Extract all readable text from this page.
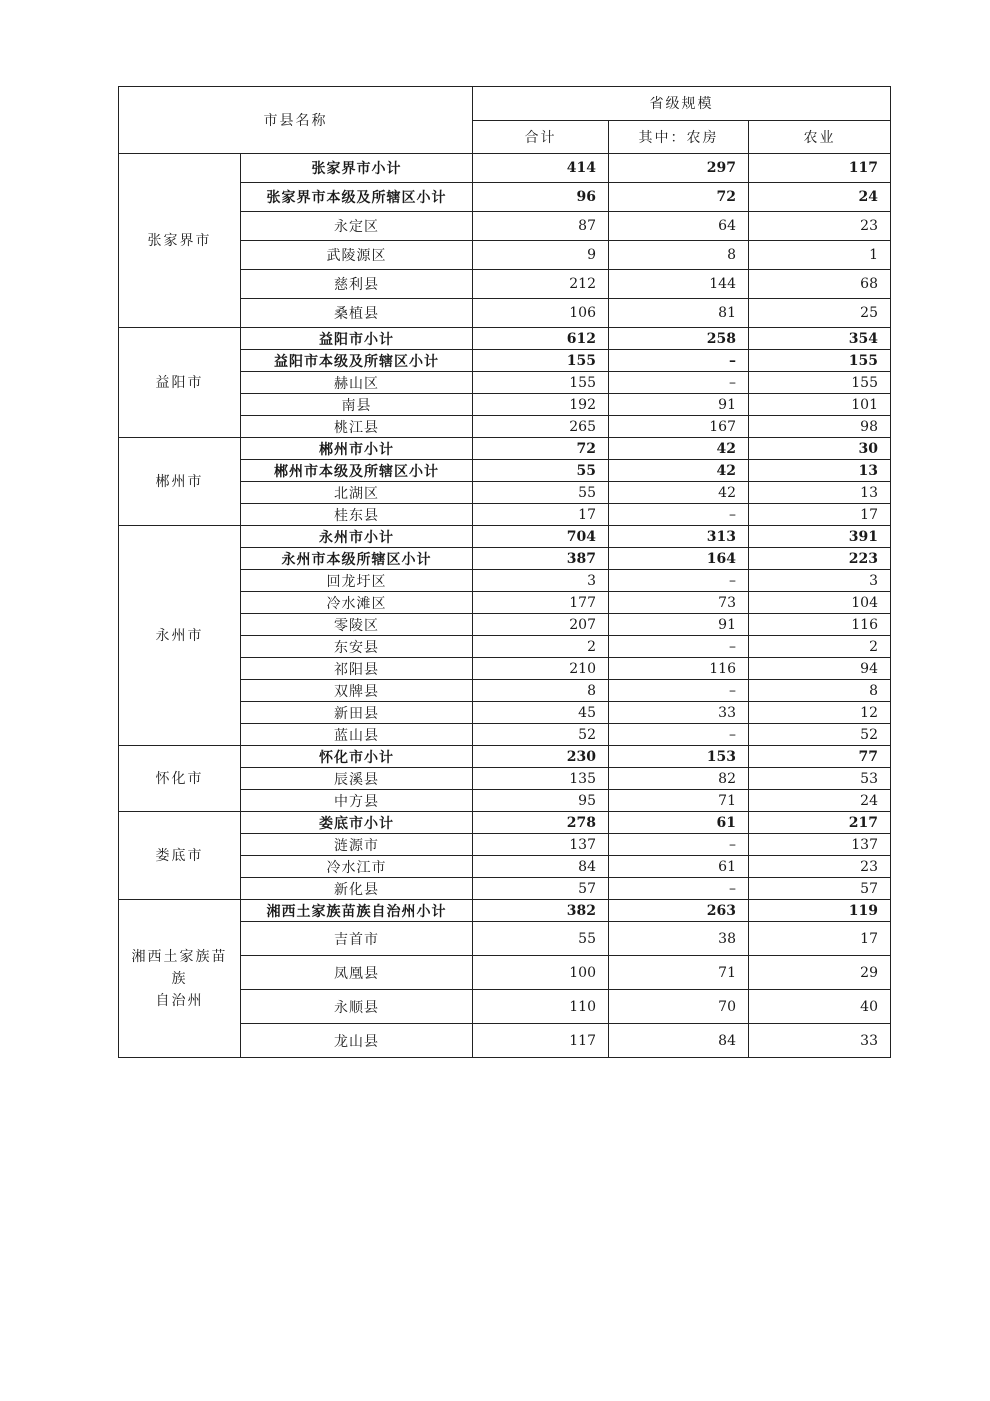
市县名称		省级规模		
		合计	其中：农房	农业
张家界市	张家界市小计	414	297	117
	张家界市本级及所辖区小计	96	72	24
	永定区	87	64	23
	武陵源区	9	8	1
	慈利县	212	144	68
	桑植县	106	81	25
益阳市	益阳市小计	612	258	354
	益阳市本级及所辖区小计	155	–	155
	赫山区	155	–	155
	南县	192	91	101
	桃江县	265	167	98
郴州市	郴州市小计	72	42	30
	郴州市本级及所辖区小计	55	42	13
	北湖区	55	42	13
	桂东县	17	–	17
永州市	永州市小计	704	313	391
	永州市本级所辖区小计	387	164	223
	回龙圩区	3	–	3
	冷水滩区	177	73	104
	零陵区	207	91	116
	东安县	2	–	2
	祁阳县	210	116	94
	双牌县	8	–	8
	新田县	45	33	12
	蓝山县	52	–	52
怀化市	怀化市小计	230	153	77
	辰溪县	135	82	53
	中方县	95	71	24
娄底市	娄底市小计	278	61	217
	涟源市	137	–	137
	冷水江市	84	61	23
	新化县	57	–	57

湘西土家族苗族
自治州	湘西土家族苗族自治州小计	382	263	119
	吉首市	55	38	17
	凤凰县	100	71	29
	永顺县	110	70	40
	龙山县	117	84	33
